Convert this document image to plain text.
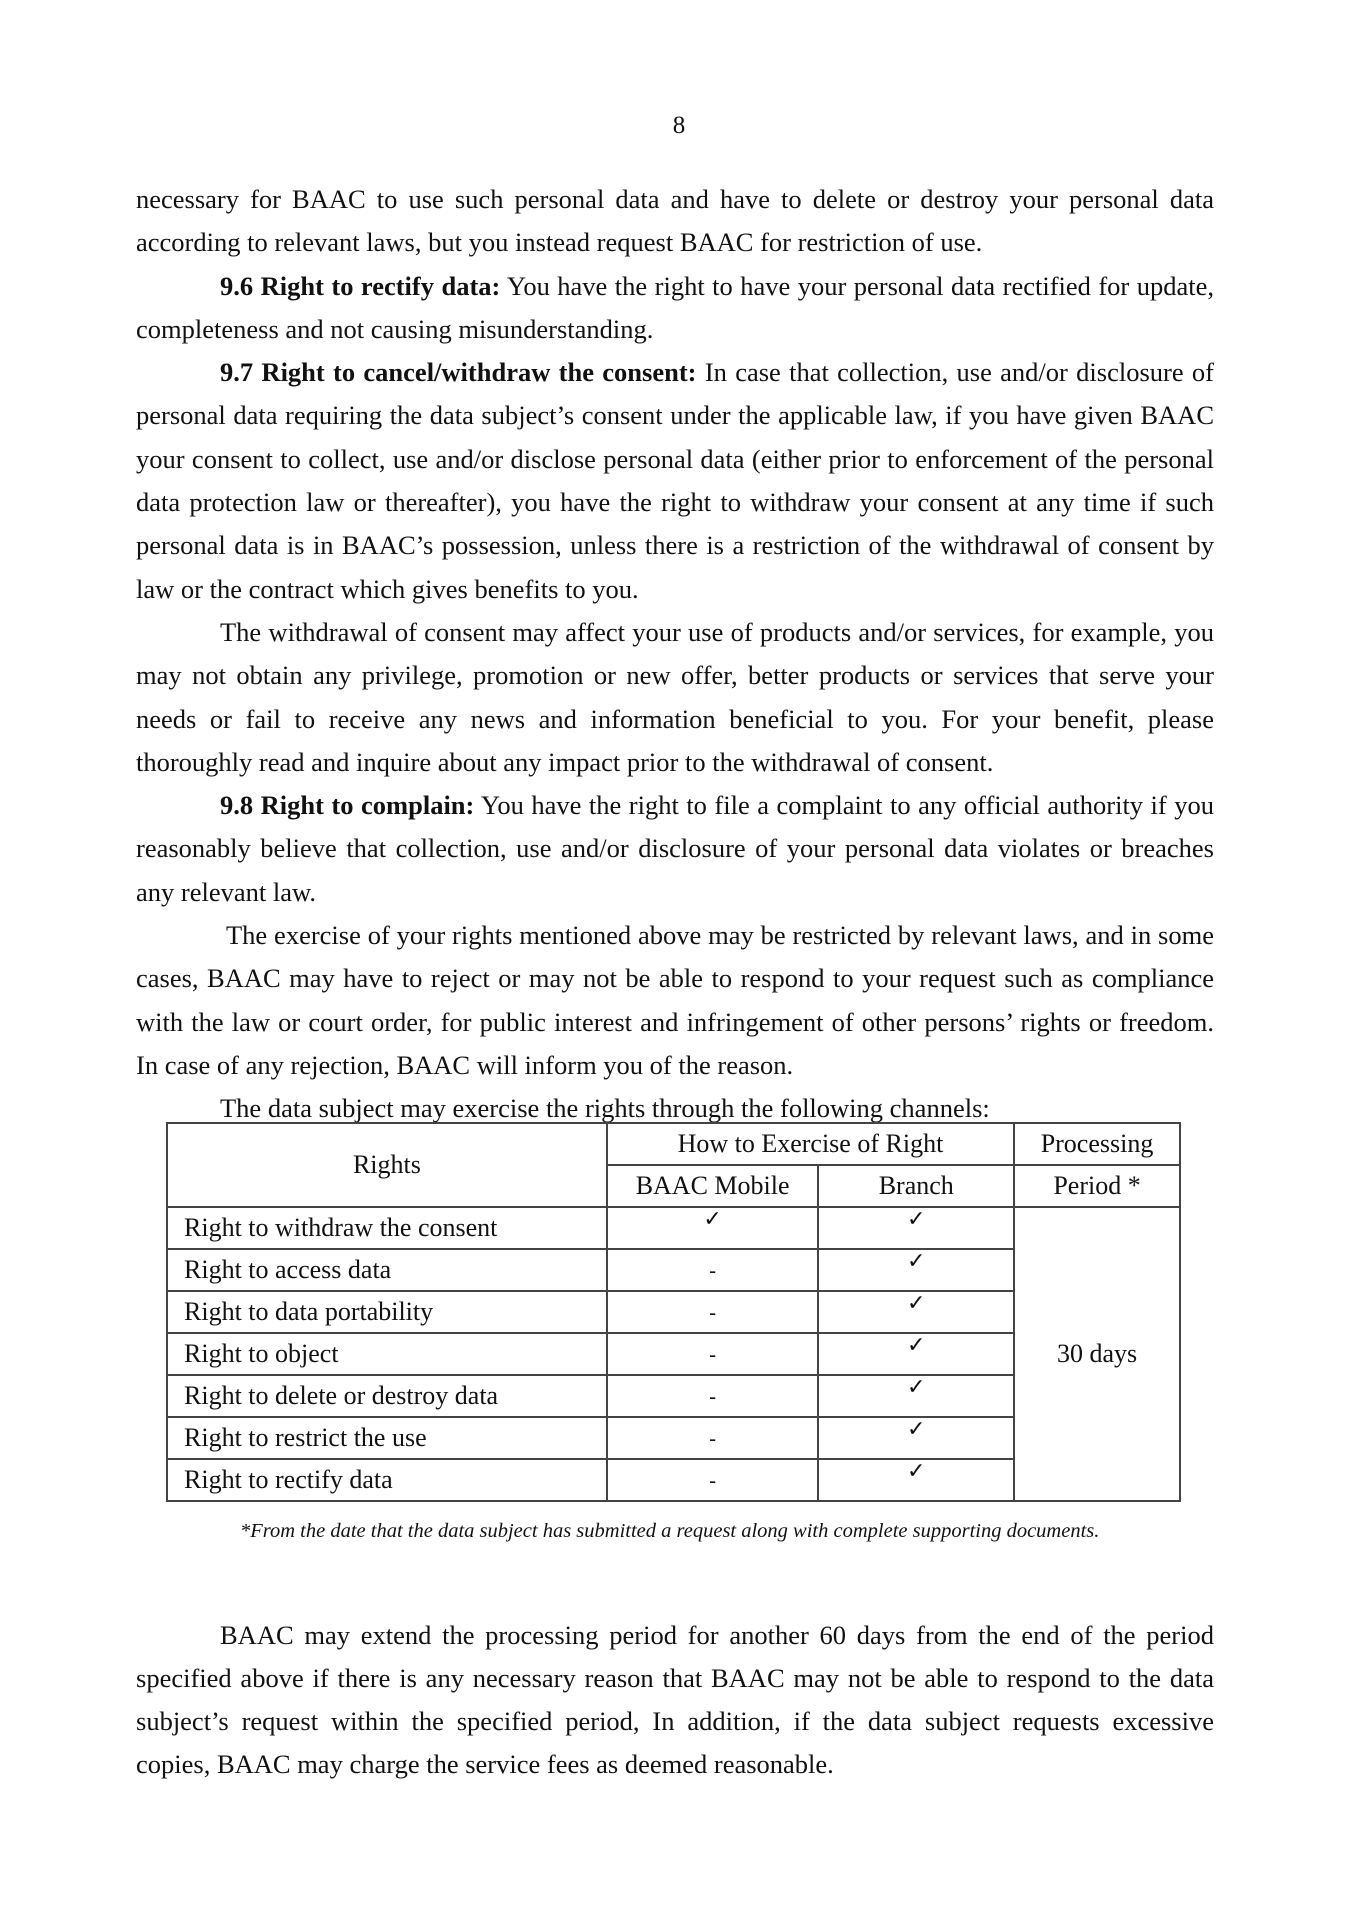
8

necessary for BAAC to use such personal data and have to delete or destroy your personal data according to relevant laws, but you instead request BAAC for restriction of use.

9.6 Right to rectify data: You have the right to have your personal data rectified for update, completeness and not causing misunderstanding.

9.7 Right to cancel/withdraw the consent: In case that collection, use and/or disclosure of personal data requiring the data subject’s consent under the applicable law, if you have given BAAC your consent to collect, use and/or disclose personal data (either prior to enforcement of the personal data protection law or thereafter), you have the right to withdraw your consent at any time if such personal data is in BAAC’s possession, unless there is a restriction of the withdrawal of consent by law or the contract which gives benefits to you.

The withdrawal of consent may affect your use of products and/or services, for example, you may not obtain any privilege, promotion or new offer, better products or services that serve your needs or fail to receive any news and information beneficial to you. For your benefit, please thoroughly read and inquire about any impact prior to the withdrawal of consent.

9.8 Right to complain: You have the right to file a complaint to any official authority if you reasonably believe that collection, use and/or disclosure of your personal data violates or breaches any relevant law.

The exercise of your rights mentioned above may be restricted by relevant laws, and in some cases, BAAC may have to reject or may not be able to respond to your request such as compliance with the law or court order, for public interest and infringement of other persons’ rights or freedom. In case of any rejection, BAAC will inform you of the reason.

The data subject may exercise the rights through the following channels:

Rights	How to Exercise of Right		Processing
	BAAC Mobile	Branch	Period *
Right to withdraw the consent	✓	✓	30 days
Right to access data	-	✓
Right to data portability	-	✓
Right to object	-	✓
Right to delete or destroy data	-	✓
Right to restrict the use	-	✓
Right to rectify data	-	✓
*From the date that the data subject has submitted a request along with complete supporting documents.

BAAC may extend the processing period for another 60 days from the end of the period specified above if there is any necessary reason that BAAC may not be able to respond to the data subject’s request within the specified period, In addition, if the data subject requests excessive copies, BAAC may charge the service fees as deemed reasonable.
